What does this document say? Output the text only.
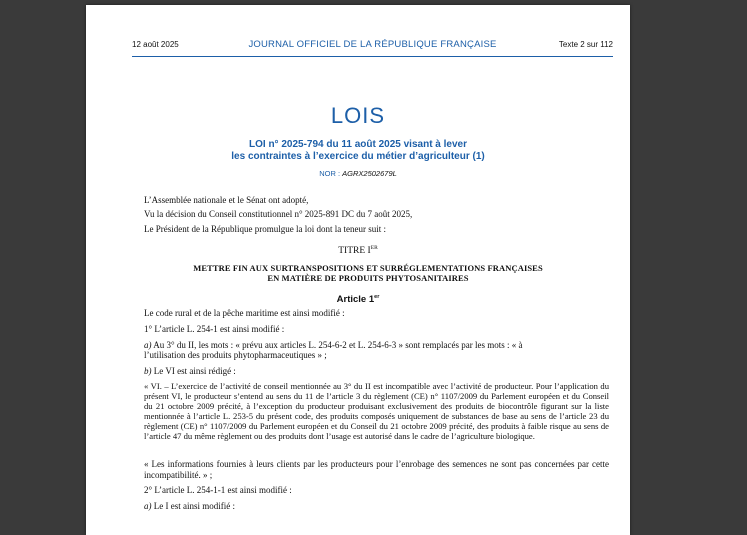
12 août 2025	JOURNAL OFFICIEL DE LA RÉPUBLIQUE FRANÇAISE	Texte 2 sur 112
LOIS
LOI n° 2025-794 du 11 août 2025 visant à lever
les contraintes à l’exercice du métier d’agriculteur (1)
NOR : AGRX2502679L
L’Assemblée nationale et le Sénat ont adopté,
Vu la décision du Conseil constitutionnel n° 2025-891 DC du 7 août 2025,
Le Président de la République promulgue la loi dont la teneur suit :
TITRE IER
METTRE FIN AUX SURTRANSPOSITIONS ET SURRÉGLEMENTATIONS FRANÇAISES
EN MATIÈRE DE PRODUITS PHYTOSANITAIRES
Article 1er
Le code rural et de la pêche maritime est ainsi modifié :
1° L’article L. 254-1 est ainsi modifié :
a) Au 3° du II, les mots : « prévu aux articles L. 254-6-2 et L. 254-6-3 » sont remplacés par les mots : « à
l’utilisation des produits phytopharmaceutiques » ;
b) Le VI est ainsi rédigé :
« VI. – L’exercice de l’activité de conseil mentionnée au 3° du II est incompatible avec l’activité de producteur. Pour l’application du présent VI, le producteur s’entend au sens du 11 de l’article 3 du règlement (CE) n° 1107/2009 du Parlement européen et du Conseil du 21 octobre 2009 précité, à l’exception du producteur produisant exclusivement des produits de biocontrôle figurant sur la liste mentionnée à l’article L. 253-5 du présent code, des produits composés uniquement de substances de base au sens de l’article 23 du règlement (CE) n° 1107/2009 du Parlement européen et du Conseil du 21 octobre 2009 précité, des produits à faible risque au sens de l’article 47 du même règlement ou des produits dont l’usage est autorisé dans le cadre de l’agriculture biologique.
« Les informations fournies à leurs clients par les producteurs pour l’enrobage des semences ne sont pas concernées par cette incompatibilité. » ;
2° L’article L. 254-1-1 est ainsi modifié :
a) Le I est ainsi modifié :
